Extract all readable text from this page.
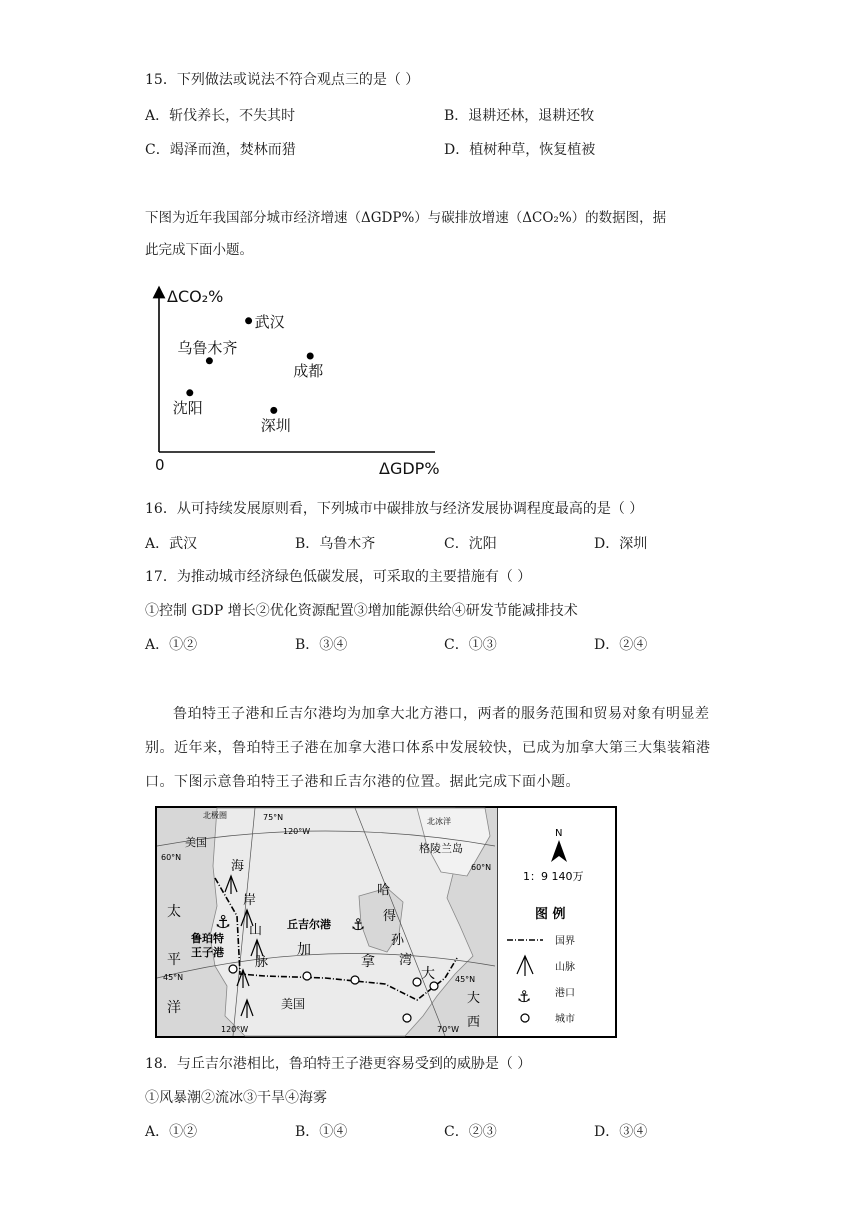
15．下列做法或说法不符合观点三的是（ ）
A．斩伐养长，不失其时	B．退耕还林，退耕还牧
C．竭泽而渔，焚林而猎	D．植树种草，恢复植被
下图为近年我国部分城市经济增速（ΔGDP%）与碳排放增速（ΔCO₂%）的数据图，据
此完成下面小题。
ΔCO₂%
ΔGDP%
0
武汉
乌鲁木齐
成都
沈阳
深圳
16．从可持续发展原则看，下列城市中碳排放与经济发展协调程度最高的是（ ）
A．武汉	B．乌鲁木齐	C．沈阳	D．深圳
17．为推动城市经济绿色低碳发展，可采取的主要措施有（ ）
①控制 GDP 增长②优化资源配置③增加能源供给④研发节能减排技术
A．①②	B．③④	C．①③	D．②④
鲁珀特王子港和丘吉尔港均为加拿大北方港口，两者的服务范围和贸易对象有明显差别。近年来，鲁珀特王子港在加拿大港口体系中发展较快，已成为加拿大第三大集装箱港口。下图示意鲁珀特王子港和丘吉尔港的位置。据此完成下面小题。
⚓	⚓
美国
北极圈
北冰洋
格陵兰岛
60°N
60°N
45°N	45°N
120°W
75°N
120°W	70°W
海
岸
山
脉
太
平
洋
鲁珀特
王子港
丘吉尔港
哈
得
孙
湾
加
拿
大
美国	大
西
N
1：9 140万
图 例
国界
山脉
⚓ 港口
城市
18．与丘吉尔港相比，鲁珀特王子港更容易受到的威胁是（ ）
①风暴潮②流冰③干旱④海雾
A．①②	B．①④	C．②③	D．③④
